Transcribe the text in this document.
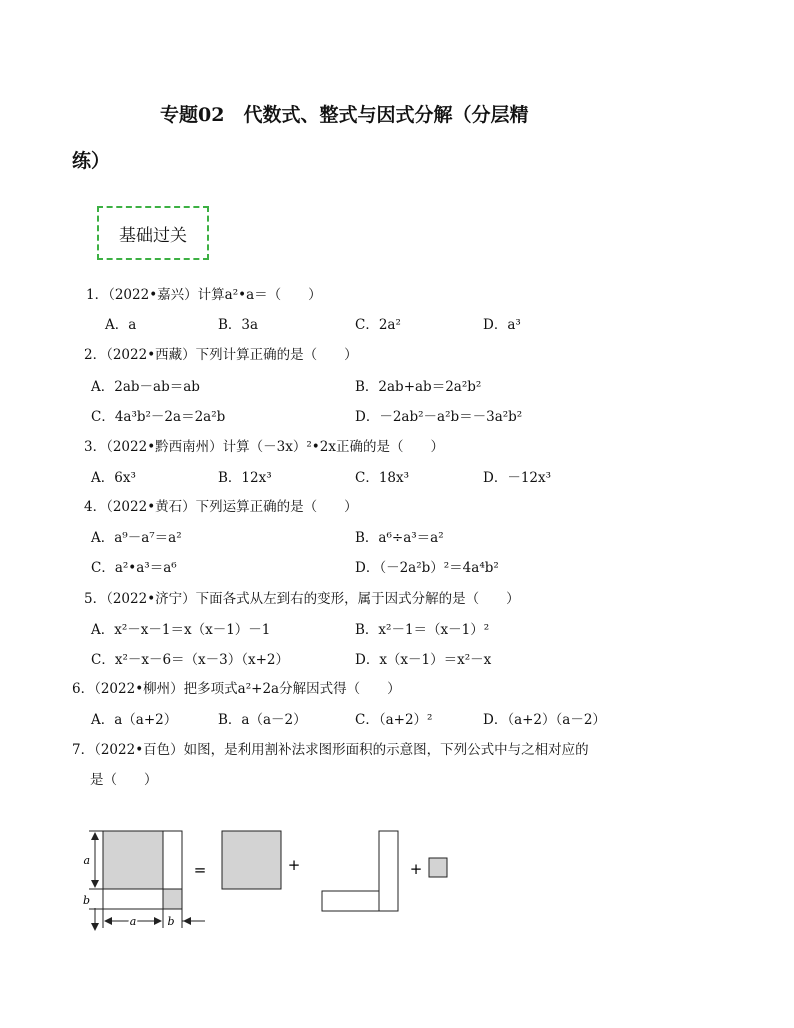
专题02　代数式、整式与因式分解（分层精
练）
基础过关
1．（2022•嘉兴）计算a²•a＝（　　）
A．a	B．3a	C．2a²	D．a³
2．（2022•西藏）下列计算正确的是（　　）
A．2ab－ab＝ab	B．2ab+ab＝2a²b²
C．4a³b²－2a＝2a²b	D．－2ab²－a²b＝－3a²b²
3．（2022•黔西南州）计算（－3x）²•2x正确的是（　　）
A．6x³	B．12x³	C．18x³	D．－12x³
4．（2022•黄石）下列运算正确的是（　　）
A．a⁹－a⁷＝a²	B．a⁶÷a³＝a²
C．a²•a³＝a⁶	D．（－2a²b）²＝4a⁴b²
5．（2022•济宁）下面各式从左到右的变形，属于因式分解的是（　　）
A．x²－x－1＝x（x－1）－1	B．x²－1＝（x－1）²
C．x²－x－6＝（x－3）（x+2）	D．x（x－1）＝x²－x
6．（2022•柳州）把多项式a²+2a分解因式得（　　）
A．a（a+2）	B．a（a－2）	C．（a+2）²	D．（a+2）（a－2）
7．（2022•百色）如图，是利用割补法求图形面积的示意图，下列公式中与之相对应的
是（　　）
a
b
a	b
=	+	+
